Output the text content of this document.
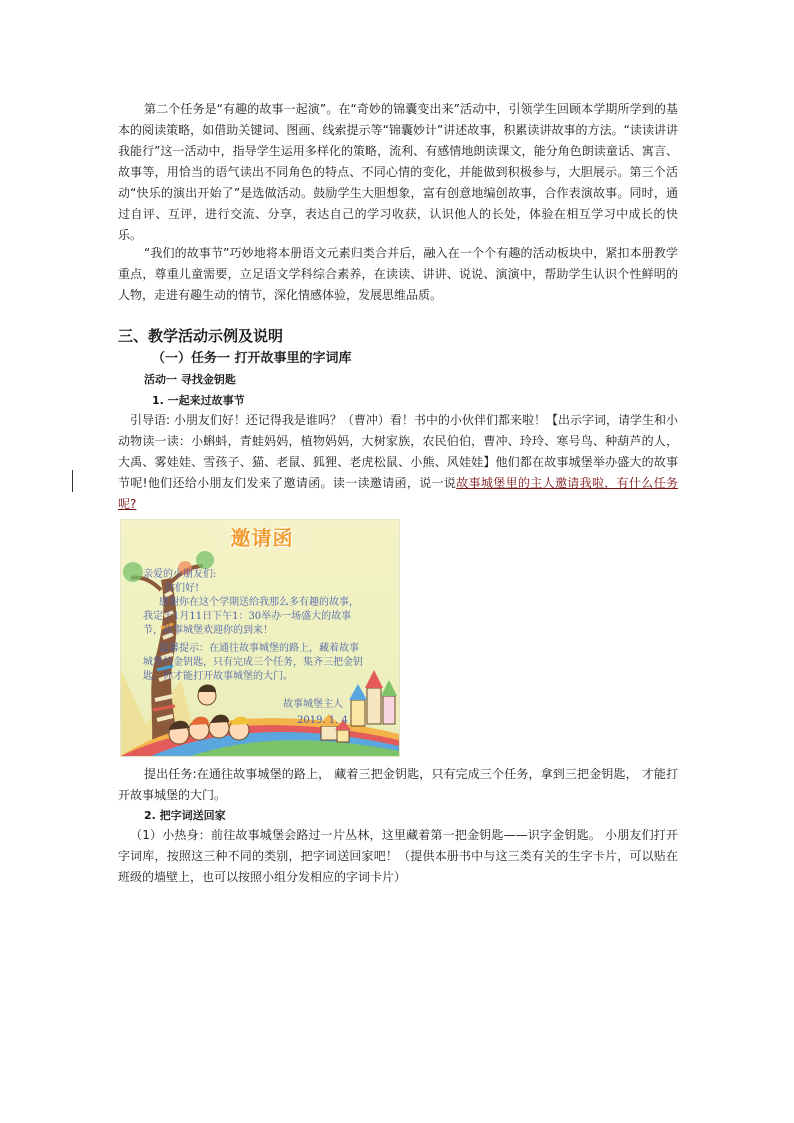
第二个任务是“有趣的故事一起演”。在“奇妙的锦囊变出来”活动中，引领学生回顾本学期所学到的基本的阅读策略，如借助关键词、图画、线索提示等“锦囊妙计”讲述故事，积累读讲故事的方法。“读读讲讲我能行”这一活动中，指导学生运用多样化的策略，流利、有感情地朗读课文，能分角色朗读童话、寓言、故事等，用恰当的语气读出不同角色的特点、不同心情的变化，并能做到积极参与，大胆展示。第三个活动“快乐的演出开始了”是选做活动。鼓励学生大胆想象，富有创意地编创故事，合作表演故事。同时，通过自评、互评，进行交流、分享，表达自己的学习收获，认识他人的长处，体验在相互学习中成长的快乐。

“我们的故事节”巧妙地将本册语文元素归类合并后，融入在一个个有趣的活动板块中，紧扣本册教学重点，尊重儿童需要，立足语文学科综合素养，在读读、讲讲、说说、演演中，帮助学生认识个性鲜明的人物，走进有趣生动的情节，深化情感体验，发展思维品质。

三、教学活动示例及说明
（一）任务一 打开故事里的字词库
活动一 寻找金钥匙
1. 一起来过故事节

引导语: 小朋友们好！还记得我是谁吗？（曹冲）看！书中的小伙伴们都来啦！【出示字词，请学生和小动物读一读：小蝌蚪，青蛙妈妈，植物妈妈，大树家族，农民伯伯，曹冲、玲玲、寒号鸟、种葫芦的人，大禹、雾娃娃、雪孩子、猫、老鼠、狐狸、老虎松鼠、小熊、风娃娃】他们都在故事城堡举办盛大的故事节呢!他们还给小朋友们发来了邀请函。读一读邀请函，说一说故事城堡里的主人邀请我啦，有什么任务呢?

邀请函

亲爱的小朋友们:

你们好!

感谢你在这个学期送给我那么多有趣的故事，

我定于1月11日下午1：30举办一场盛大的故事

节，故事城堡欢迎你的到来！

温馨提示：在通往故事城堡的路上，藏着故事

城堡的金钥匙，只有完成三个任务，集齐三把金钥

匙，你才能打开故事城堡的大门。

故事城堡主人

2019. 1. 4

提出任务:在通往故事城堡的路上， 藏着三把金钥匙，只有完成三个任务，拿到三把金钥匙， 才能打开故事城堡的大门。

2. 把字词送回家

（1）小热身：前往故事城堡会路过一片丛林，这里藏着第一把金钥匙——识字金钥匙。 小朋友们打开字词库，按照这三种不同的类别，把字词送回家吧！（提供本册书中与这三类有关的生字卡片，可以贴在班级的墙壁上，也可以按照小组分发相应的字词卡片）
